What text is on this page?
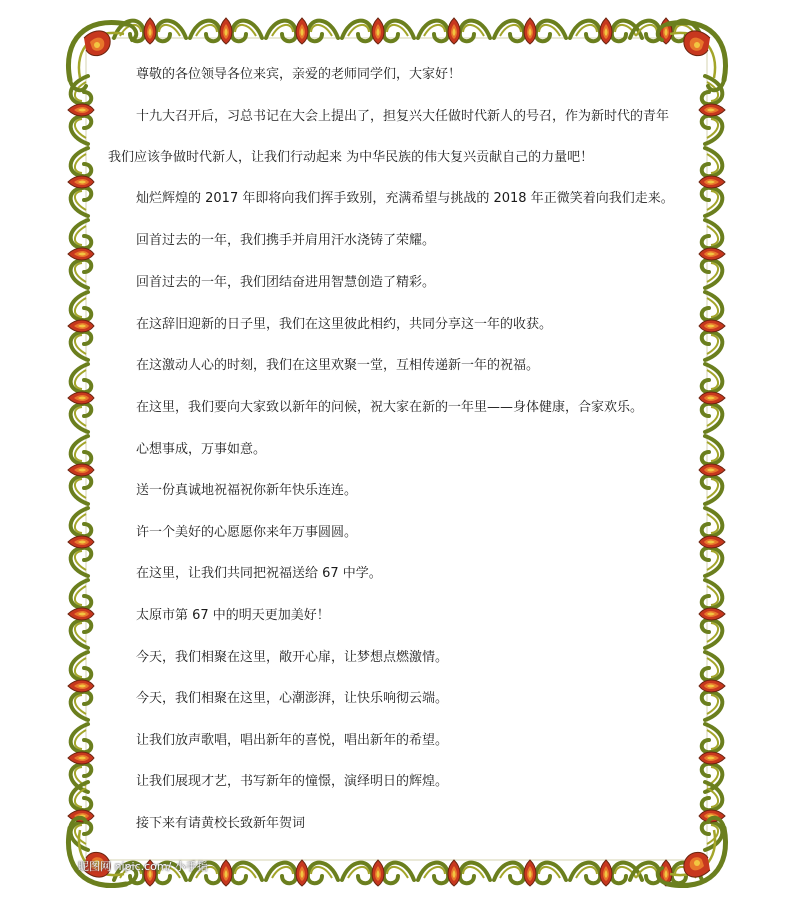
尊敬的各位领导各位来宾，亲爱的老师同学们，大家好！

十九大召开后，习总书记在大会上提出了，担复兴大任做时代新人的号召，作为新时代的青年

我们应该争做时代新人，让我们行动起来 为中华民族的伟大复兴贡献自己的力量吧！

灿烂辉煌的 2017 年即将向我们挥手致别，充满希望与挑战的 2018 年正微笑着向我们走来。

回首过去的一年，我们携手并肩用汗水浇铸了荣耀。

回首过去的一年，我们团结奋进用智慧创造了精彩。

在这辞旧迎新的日子里，我们在这里彼此相约，共同分享这一年的收获。

在这激动人心的时刻，我们在这里欢聚一堂，互相传递新一年的祝福。

在这里，我们要向大家致以新年的问候，祝大家在新的一年里——身体健康，合家欢乐。

心想事成，万事如意。

送一份真诚地祝福祝你新年快乐连连。

许一个美好的心愿愿你来年万事圆圆。

在这里，让我们共同把祝福送给 67 中学。

太原市第 67 中的明天更加美好！

今天，我们相聚在这里，敞开心扉，让梦想点燃激情。

今天，我们相聚在这里，心潮澎湃，让快乐响彻云端。

让我们放声歌唱，唱出新年的喜悦，唱出新年的希望。

让我们展现才艺，书写新年的憧憬，演绎明日的辉煌。

接下来有请黄校长致新年贺词

昵图网 nipic.com/ 小手指
